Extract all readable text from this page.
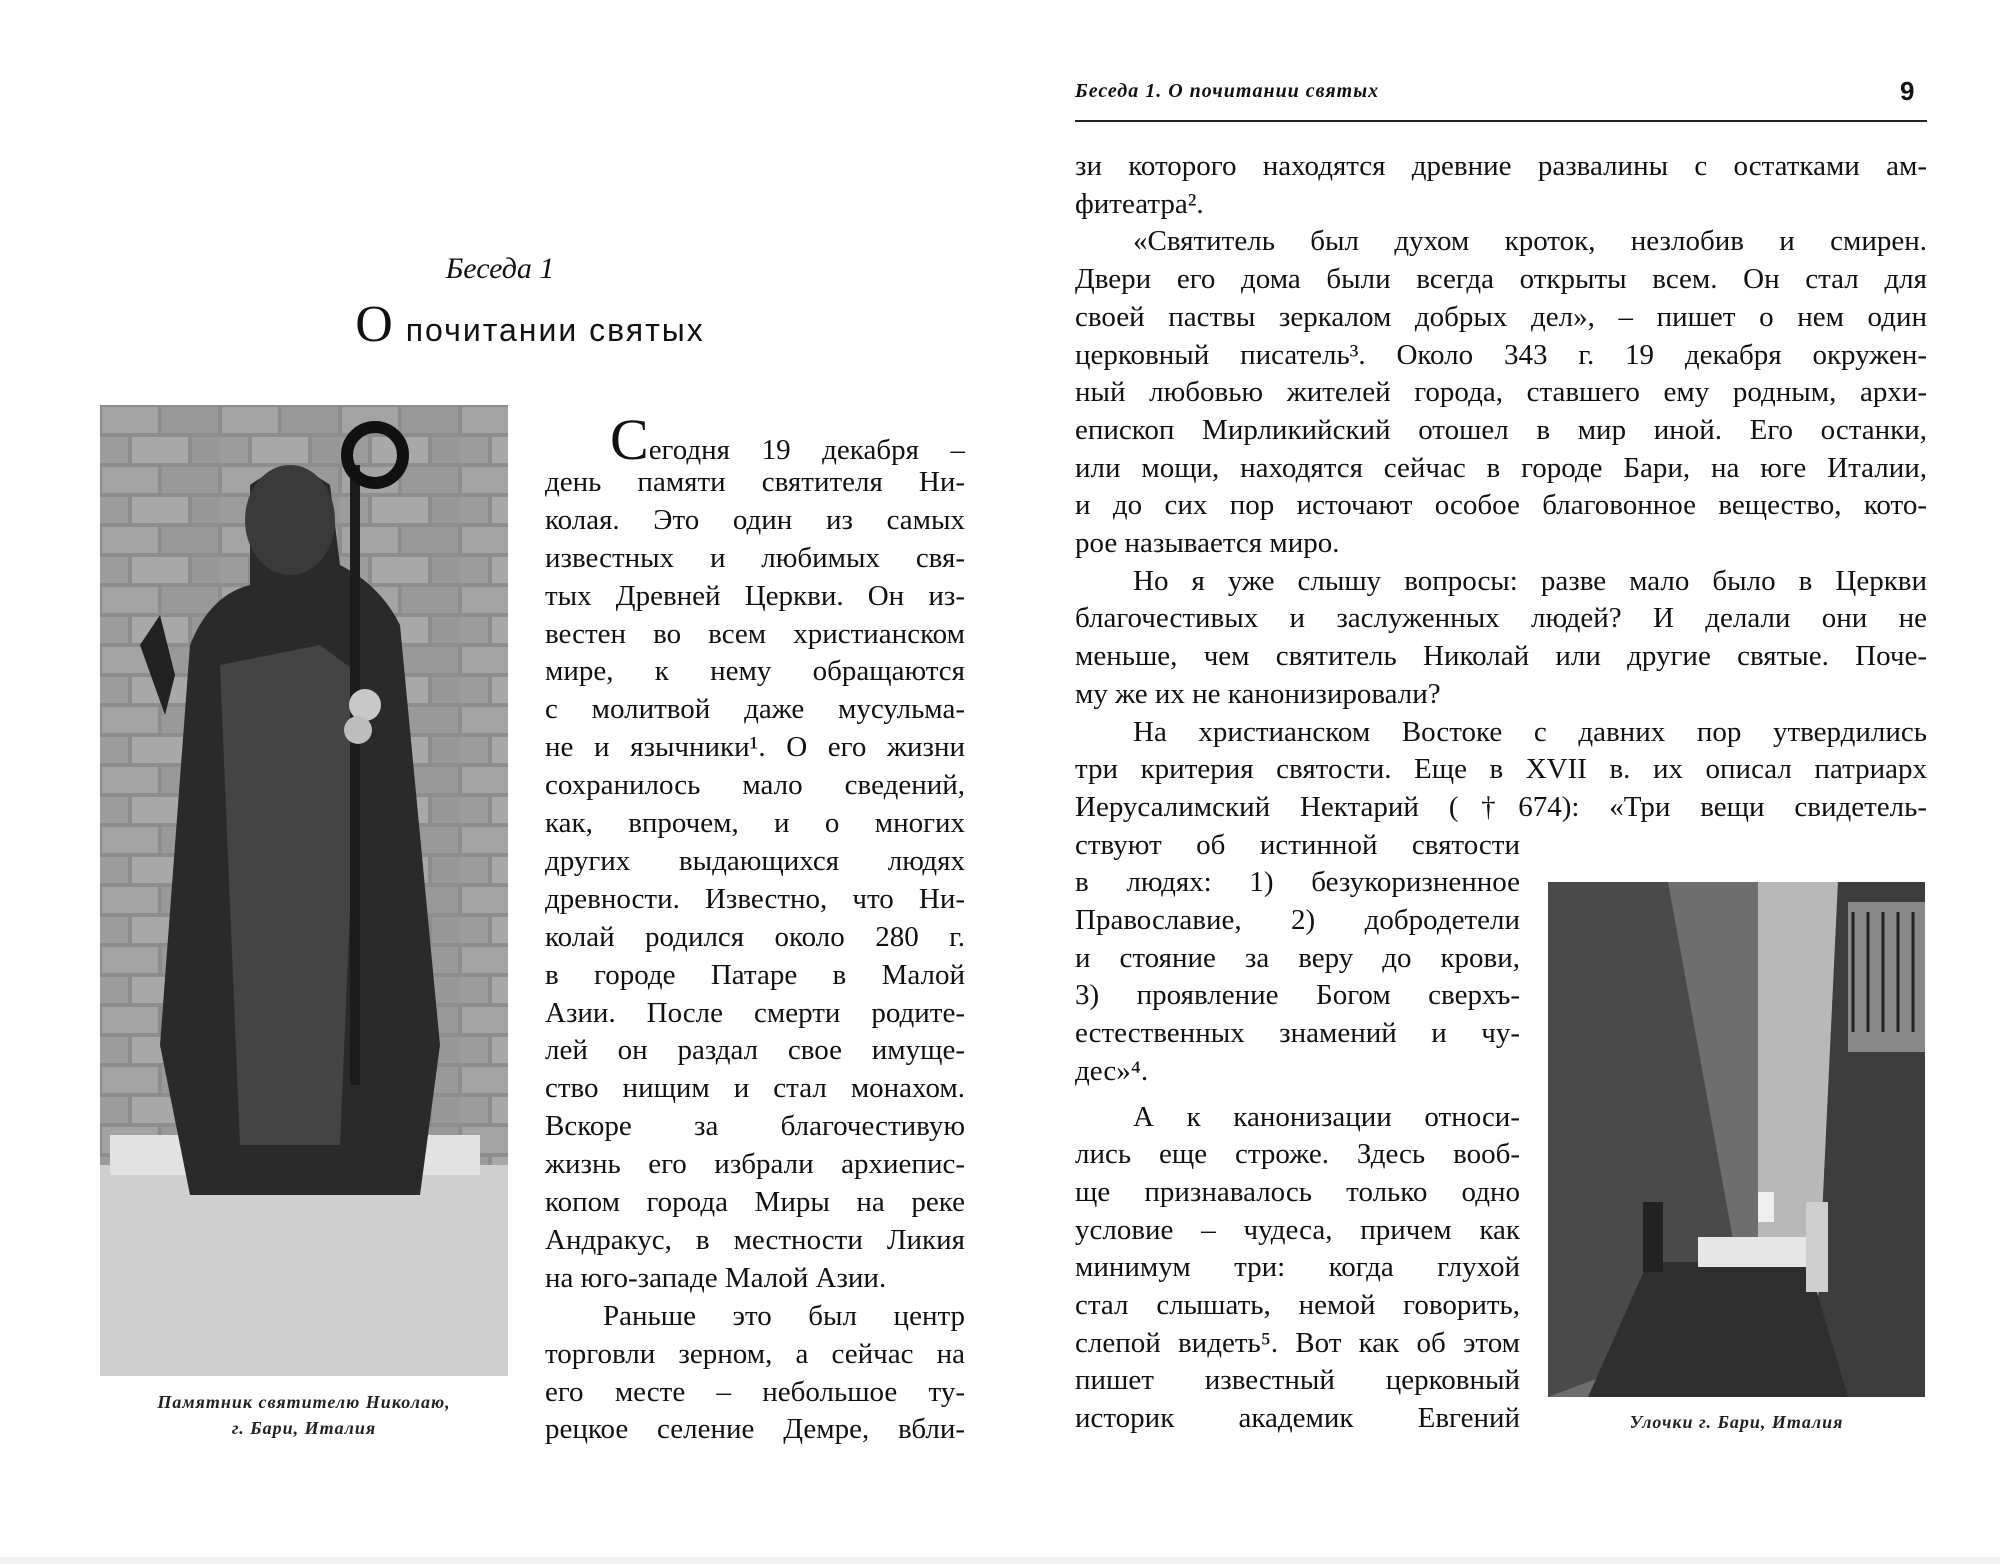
Беседа 1
О почитании святых
Памятник святителю Николаю,
г. Бари, Италия
Сегодня 19 декабря –
день памяти святителя Ни-
колая. Это один из самых
известных и любимых свя-
тых Древней Церкви. Он из-
вестен во всем христианском
мире, к нему обращаются
с молитвой даже мусульма-
не и язычники¹. О его жизни
сохранилось мало сведений,
как, впрочем, и о многих
других выдающихся людях
древности. Известно, что Ни-
колай родился около 280 г.
в городе Патаре в Малой
Азии. После смерти родите-
лей он раздал свое имуще-
ство нищим и стал монахом.
Вскоре за благочестивую
жизнь его избрали архиепис-
копом города Миры на реке
Андракус, в местности Ликия
на юго-западе Малой Азии.
Раньше это был центр
торговли зерном, а сейчас на
его месте – небольшое ту-
рецкое селение Демре, вбли-
Беседа 1. О почитании святых	9
зи которого находятся древние развалины с остатками ам-
фитеатра².
«Святитель был духом кроток, незлобив и смирен.
Двери его дома были всегда открыты всем. Он стал для
своей паствы зеркалом добрых дел», – пишет о нем один
церковный писатель³. Около 343 г. 19 декабря окружен-
ный любовью жителей города, ставшего ему родным, архи-
епископ Мирликийский отошел в мир иной. Его останки,
или мощи, находятся сейчас в городе Бари, на юге Италии,
и до сих пор источают особое благовонное вещество, кото-
рое называется миро.
Но я уже слышу вопросы: разве мало было в Церкви
благочестивых и заслуженных людей? И делали они не
меньше, чем святитель Николай или другие святые. Поче-
му же их не канонизировали?
На христианском Востоке с давних пор утвердились
три критерия святости. Еще в XVII в. их описал патриарх
Иерусалимский Нектарий (†674): «Три вещи свидетель-
ствуют об истинной святости
в людях: 1) безукоризненное
Православие, 2) добродетели
и стояние за веру до крови,
3) проявление Богом сверхъ-
естественных знамений и чу-
дес»⁴.
А к канонизации относи-
лись еще строже. Здесь вооб-
ще признавалось только одно
условие – чудеса, причем как
минимум три: когда глухой
стал слышать, немой говорить,
слепой видеть⁵. Вот как об этом
пишет известный церковный
историк академик Евгений	Улочки г. Бари, Италия
